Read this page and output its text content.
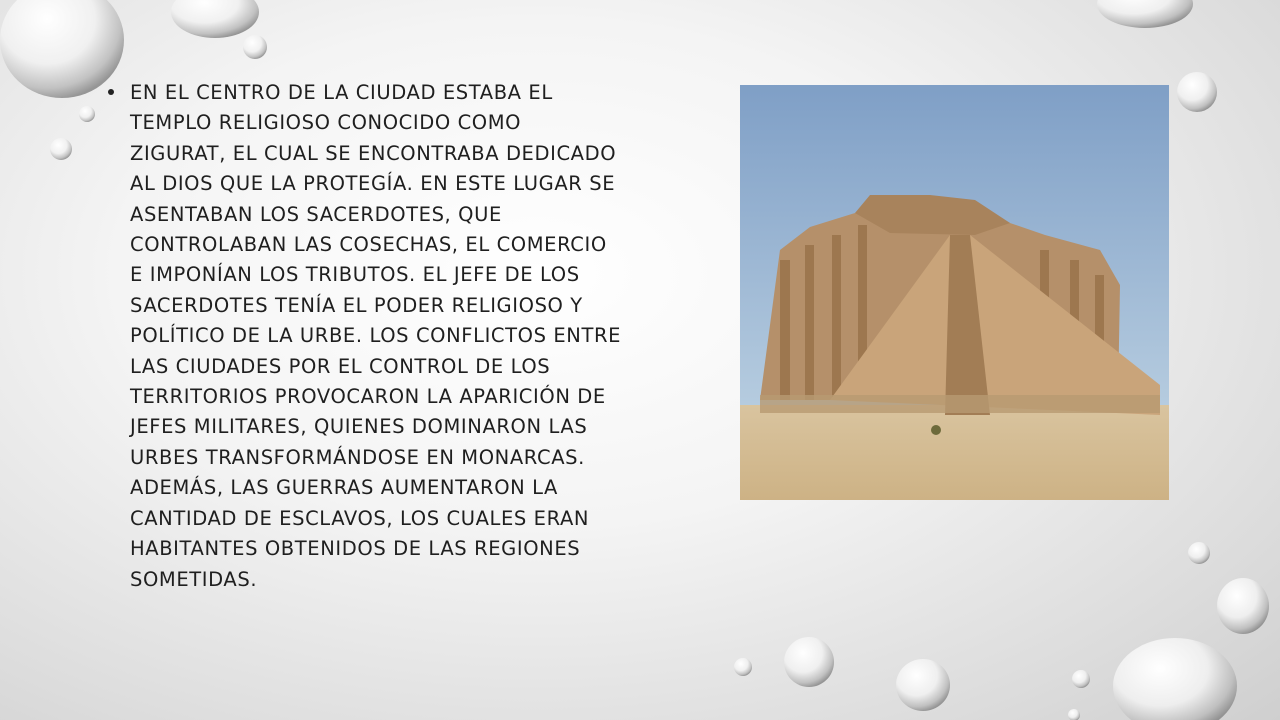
EN EL CENTRO DE LA CIUDAD ESTABA EL
TEMPLO RELIGIOSO CONOCIDO COMO
ZIGURAT, EL CUAL SE ENCONTRABA DEDICADO
AL DIOS QUE LA PROTEGÍA. EN ESTE LUGAR SE
ASENTABAN LOS SACERDOTES, QUE
CONTROLABAN LAS COSECHAS, EL COMERCIO
E IMPONÍAN LOS TRIBUTOS. EL JEFE DE LOS
SACERDOTES TENÍA EL PODER RELIGIOSO Y
POLÍTICO DE LA URBE. LOS CONFLICTOS ENTRE
LAS CIUDADES POR EL CONTROL DE LOS
TERRITORIOS PROVOCARON LA APARICIÓN DE
JEFES MILITARES, QUIENES DOMINARON LAS
URBES TRANSFORMÁNDOSE EN MONARCAS.
ADEMÁS, LAS GUERRAS AUMENTARON LA
CANTIDAD DE ESCLAVOS, LOS CUALES ERAN
HABITANTES OBTENIDOS DE LAS REGIONES
SOMETIDAS.
